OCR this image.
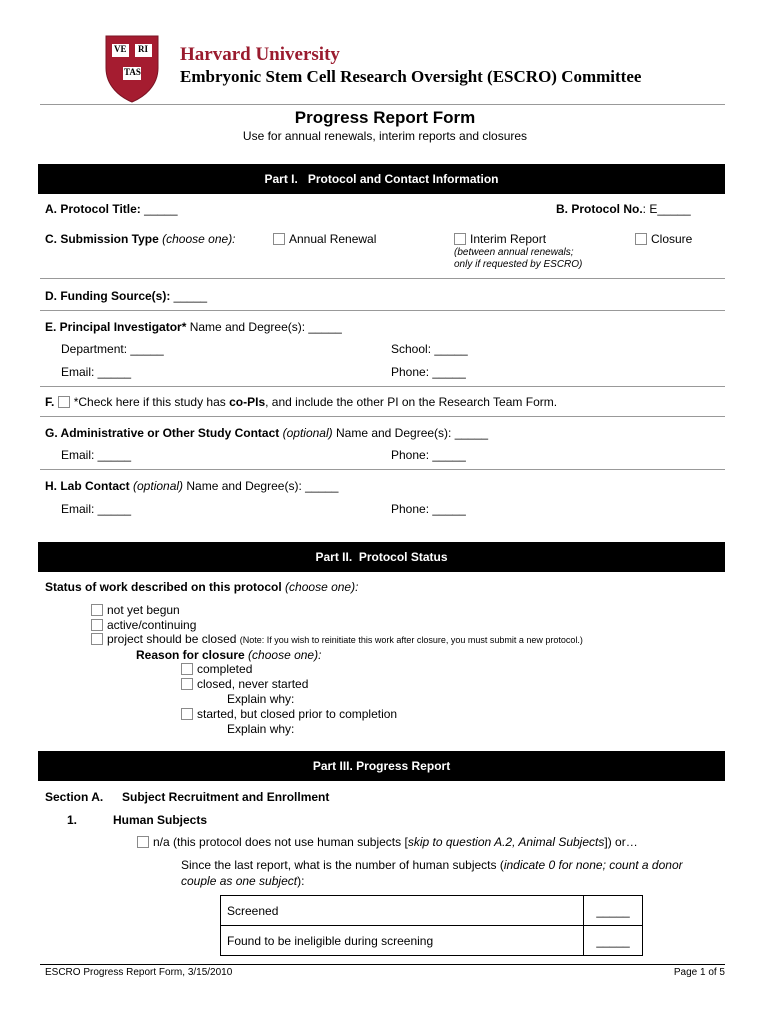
VE RI
TAS
Harvard University
Embryonic Stem Cell Research Oversight (ESCRO) Committee
Progress Report Form
Use for annual renewals, interim reports and closures
Part I.   Protocol and Contact Information
A. Protocol Title: _____	B. Protocol No.: E_____
C. Submission Type (choose one):	Annual Renewal	Interim Report
(between annual renewals;
only if requested by ESCRO)
Closure
D. Funding Source(s): _____
E. Principal Investigator* Name and Degree(s): _____
Department: _____	School: _____
Email: _____	Phone: _____
F. *Check here if this study has co-PIs, and include the other PI on the Research Team Form.
G. Administrative or Other Study Contact (optional) Name and Degree(s): _____
Email: _____	Phone: _____
H. Lab Contact (optional) Name and Degree(s): _____
Email: _____	Phone: _____
Part II.  Protocol Status
Status of work described on this protocol (choose one):
not yet begun
active/continuing
project should be closed (Note: If you wish to reinitiate this work after closure, you must submit a new protocol.)
Reason for closure (choose one):
completed
closed, never started
Explain why:
started, but closed prior to completion
Explain why:
Part III. Progress Report
Section A. Subject Recruitment and Enrollment
1.	Human Subjects
n/a (this protocol does not use human subjects [skip to question A.2, Animal Subjects]) or…
Since the last report, what is the number of human subjects (indicate 0 for none; count a donor couple as one subject):
Screened	_____
Found to be ineligible during screening	_____
ESCRO Progress Report Form, 3/15/2010	Page 1 of 5
